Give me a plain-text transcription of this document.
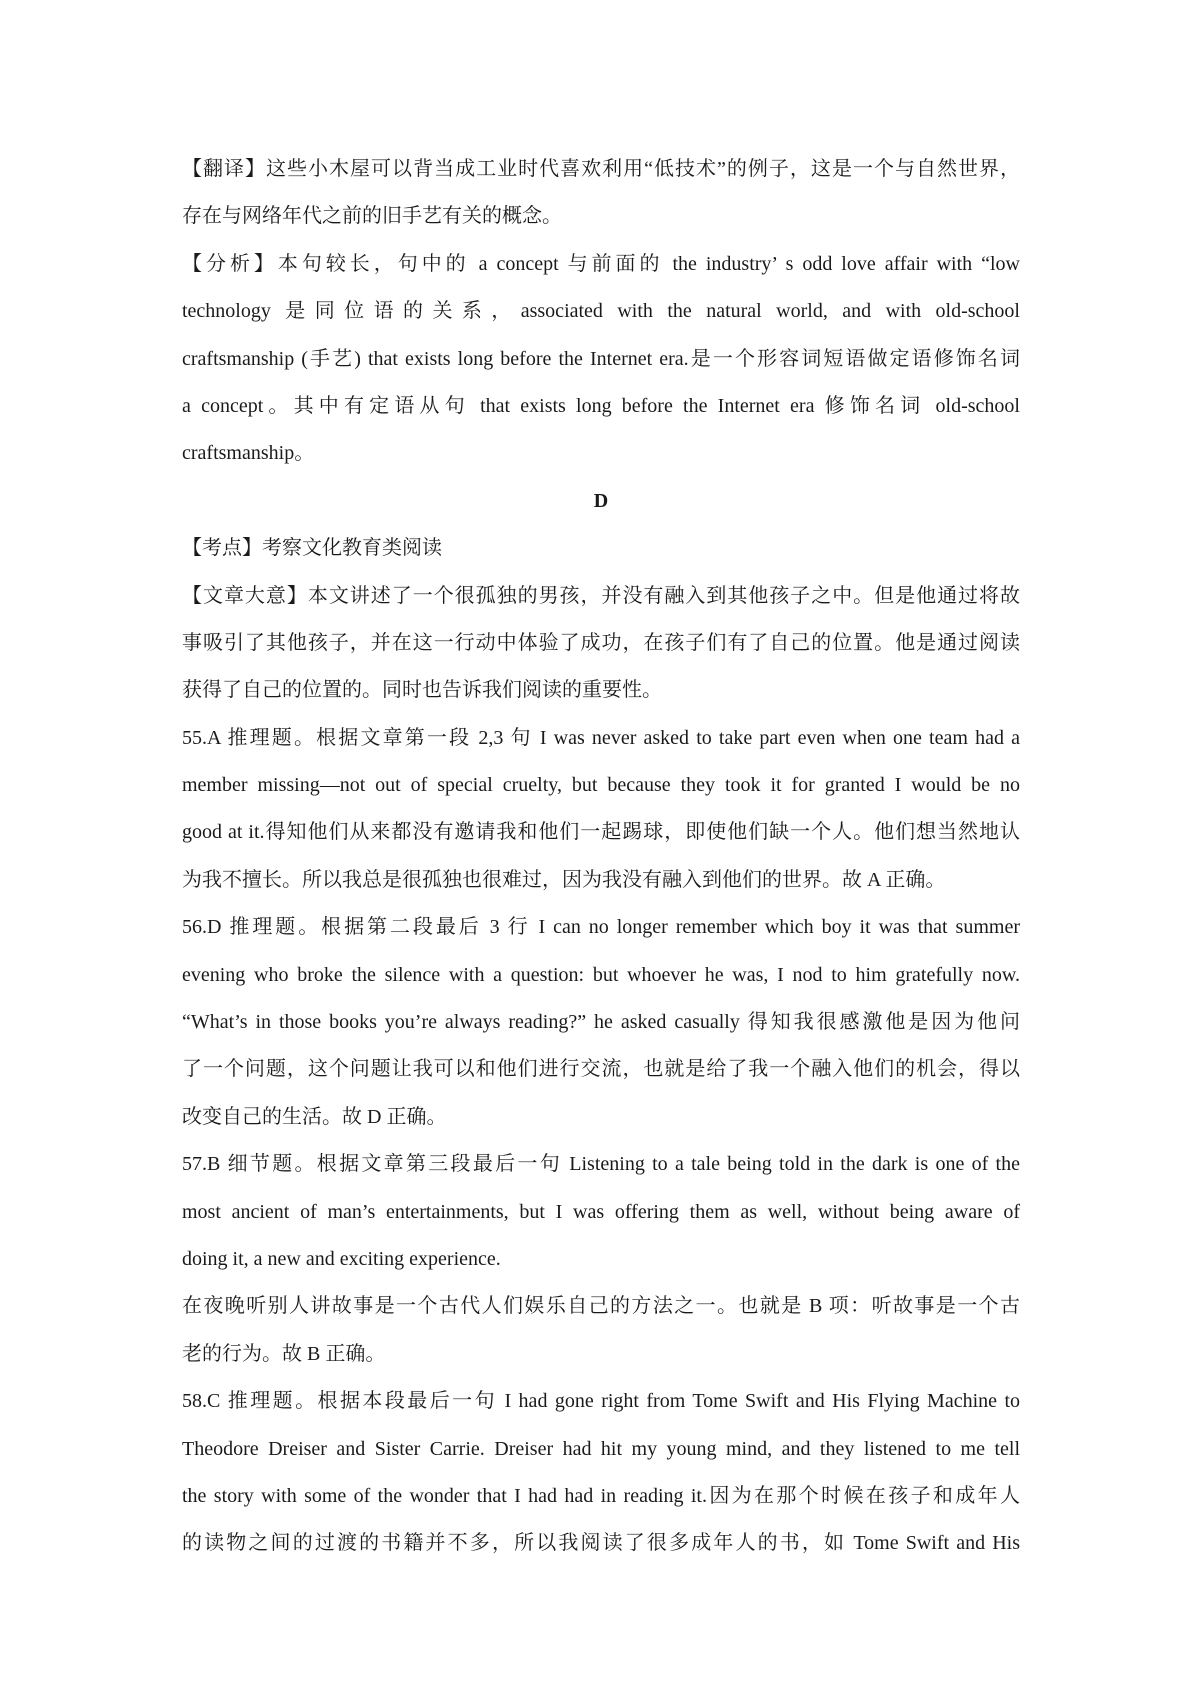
【翻译】这些小木屋可以背当成工业时代喜欢利用“低技术”的例子，这是一个与自然世界，
存在与网络年代之前的旧手艺有关的概念。
【分析】本句较长，句中的 a concept 与前面的 the industry’ s odd love affair with “low
technology 是同位语的关系，associated with the natural world, and with old-school
craftsmanship (手艺) that exists long before the Internet era.是一个形容词短语做定语修饰名词
a concept。其中有定语从句 that exists long before the Internet era 修饰名词 old-school
craftsmanship。
D
【考点】考察文化教育类阅读
【文章大意】本文讲述了一个很孤独的男孩，并没有融入到其他孩子之中。但是他通过将故
事吸引了其他孩子，并在这一行动中体验了成功，在孩子们有了自己的位置。他是通过阅读
获得了自己的位置的。同时也告诉我们阅读的重要性。
55.A 推理题。根据文章第一段 2,3 句 I was never asked to take part even when one team had a
member missing—not out of special cruelty, but because they took it for granted I would be no
good at it.得知他们从来都没有邀请我和他们一起踢球，即使他们缺一个人。他们想当然地认
为我不擅长。所以我总是很孤独也很难过，因为我没有融入到他们的世界。故 A 正确。
56.D 推理题。根据第二段最后 3 行 I can no longer remember which boy it was that summer
evening who broke the silence with a question: but whoever he was, I nod to him gratefully now.
“What’s in those books you’re always reading?” he asked casually 得知我很感激他是因为他问
了一个问题，这个问题让我可以和他们进行交流，也就是给了我一个融入他们的机会，得以
改变自己的生活。故 D 正确。
57.B 细节题。根据文章第三段最后一句 Listening to a tale being told in the dark is one of the
most ancient of man’s entertainments, but I was offering them as well, without being aware of
doing it, a new and exciting experience.
在夜晚听别人讲故事是一个古代人们娱乐自己的方法之一。也就是 B 项：听故事是一个古
老的行为。故 B 正确。
58.C 推理题。根据本段最后一句 I had gone right from Tome Swift and His Flying Machine to
Theodore Dreiser and Sister Carrie. Dreiser had hit my young mind, and they listened to me tell
the story with some of the wonder that I had had in reading it.因为在那个时候在孩子和成年人
的读物之间的过渡的书籍并不多，所以我阅读了很多成年人的书，如 Tome Swift and His
